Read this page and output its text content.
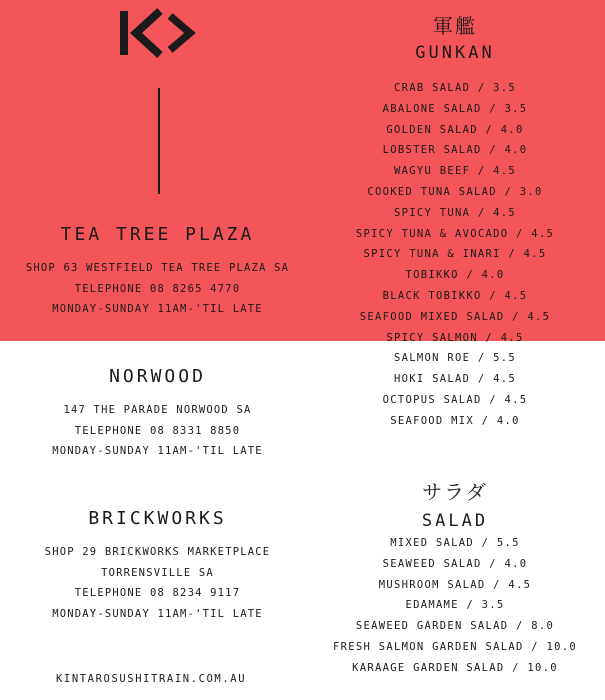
TEA TREE PLAZA
SHOP 63 WESTFIELD TEA TREE PLAZA SA
TELEPHONE 08 8265 4770
MONDAY-SUNDAY 11AM-'TIL LATE
NORWOOD
147 THE PARADE NORWOOD SA
TELEPHONE 08 8331 8850
MONDAY-SUNDAY 11AM-'TIL LATE
BRICKWORKS
SHOP 29 BRICKWORKS MARKETPLACE
TORRENSVILLE SA
TELEPHONE 08 8234 9117
MONDAY-SUNDAY 11AM-'TIL LATE
軍艦
GUNKAN
CRAB SALAD / 3.5
ABALONE SALAD / 3.5
GOLDEN SALAD / 4.0
LOBSTER SALAD / 4.0
WAGYU BEEF / 4.5
COOKED TUNA SALAD / 3.0
SPICY TUNA / 4.5
SPICY TUNA & AVOCADO / 4.5
SPICY TUNA & INARI / 4.5
TOBIKKO / 4.0
BLACK TOBIKKO / 4.5
SEAFOOD MIXED SALAD / 4.5
SPICY SALMON / 4.5
SALMON ROE / 5.5
HOKI SALAD / 4.5
OCTOPUS SALAD / 4.5
SEAFOOD MIX / 4.0
サラダ
SALAD
MIXED SALAD / 5.5
SEAWEED SALAD / 4.0
MUSHROOM SALAD / 4.5
EDAMAME / 3.5
SEAWEED GARDEN SALAD / 8.0
FRESH SALMON GARDEN SALAD / 10.0
KARAAGE GARDEN SALAD / 10.0
KINTAROSUSHITRAIN.COM.AU
